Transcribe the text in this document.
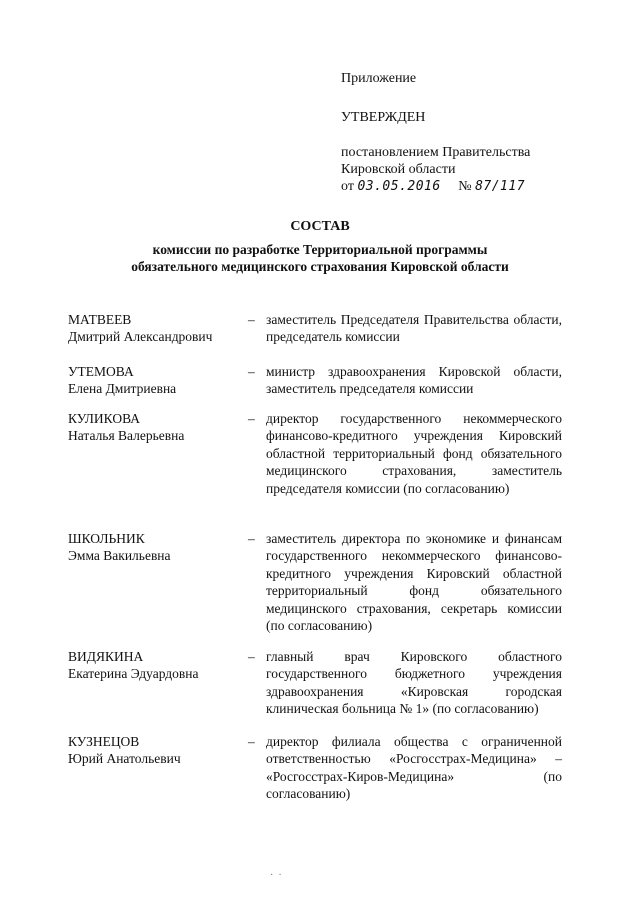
Приложение

УТВЕРЖДЕН

постановлением Правительства

Кировской области

от 03.05.2016 № 87/117

СОСТАВ
комиссии по разработке Территориальной программы
обязательного медицинского страхования Кировской области
МАТВЕЕВ
Дмитрий Александрович
– заместитель Председателя Правительства области, председатель комиссии
УТЕМОВА
Елена Дмитриевна
– министр здравоохранения Кировской области, заместитель председателя комиссии
КУЛИКОВА
Наталья Валерьевна
– директор государственного некоммерческого финансово-кредитного учреждения Кировский областной территориальный фонд обязательного медицинского страхования, заместитель председателя комиссии (по согласованию)
ШКОЛЬНИК
Эмма Вакильевна
– заместитель директора по экономике и финансам государственного некоммерческого финансово-кредитного учреждения Кировский областной территориальный фонд обязательного медицинского страхования, секретарь комиссии (по согласованию)
ВИДЯКИНА
Екатерина Эдуардовна
– главный врач Кировского областного государственного бюджетного учреждения здравоохранения «Кировская городская клиническая больница № 1» (по согласованию)
КУЗНЕЦОВ
Юрий Анатольевич
– директор филиала общества с ограниченной ответственностью «Росгосстрах-Медицина» – «Росгосстрах-Киров-Медицина» (по согласованию)
·  ·
